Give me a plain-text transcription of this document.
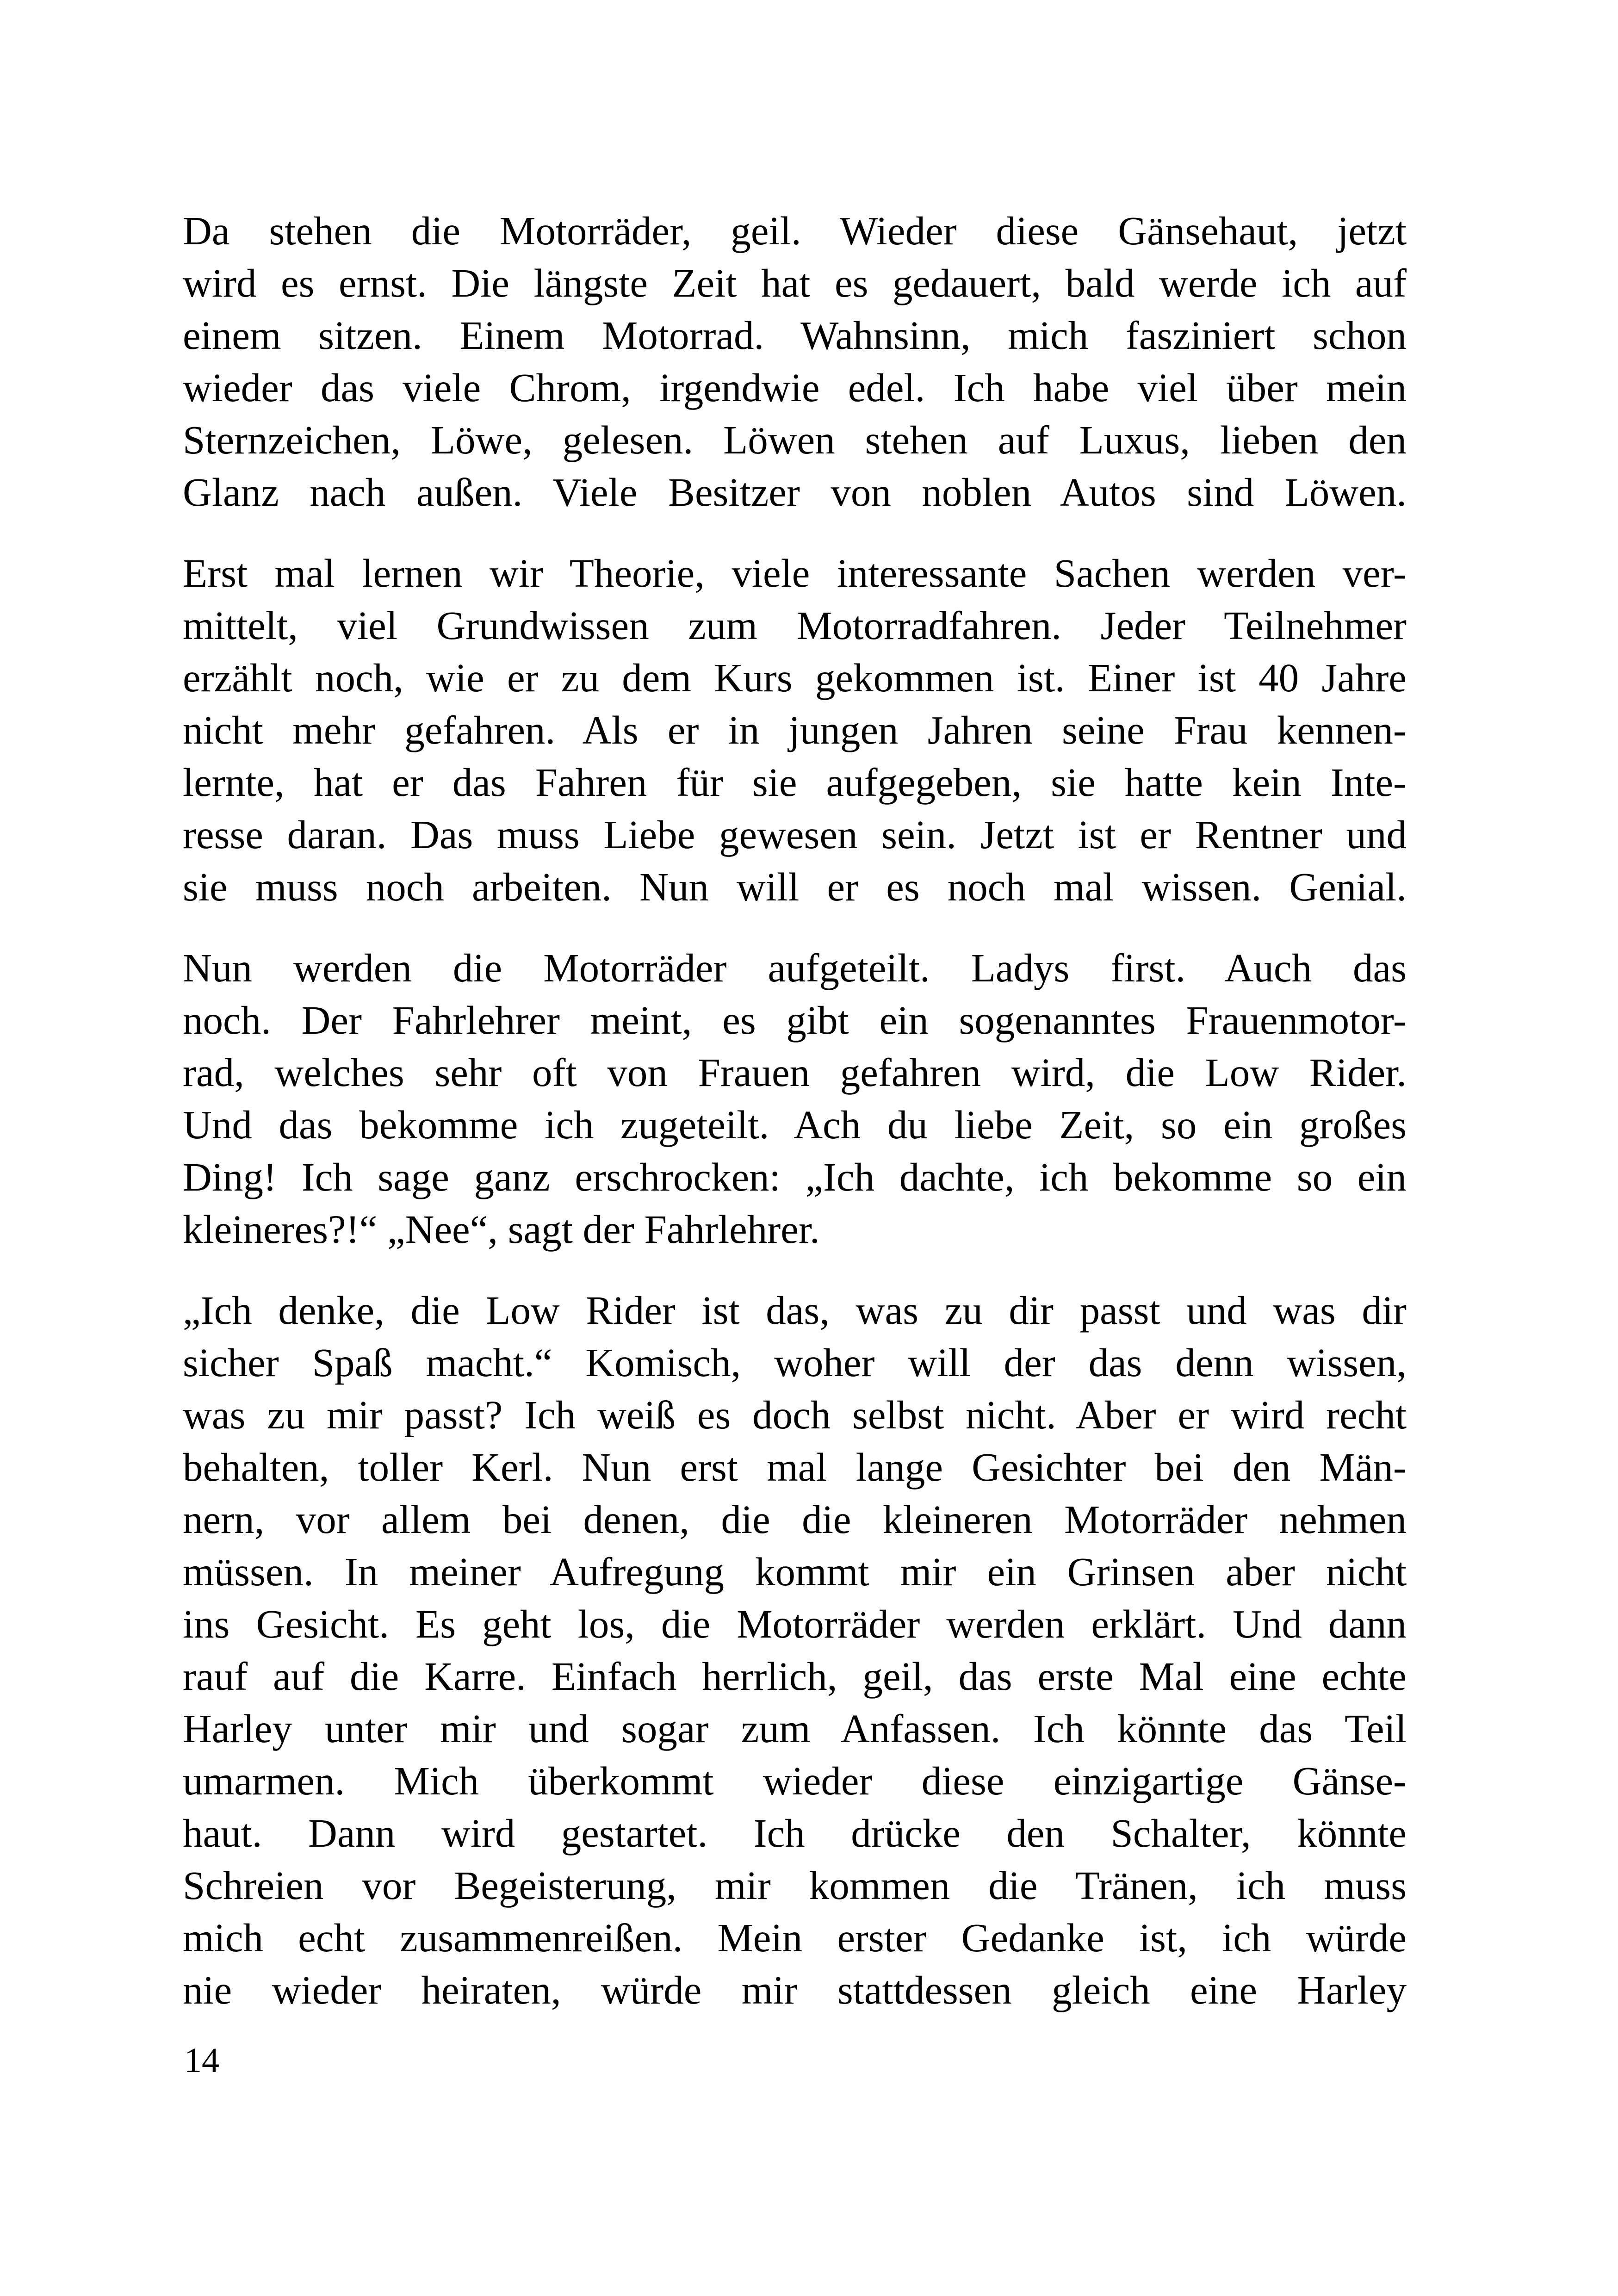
Da stehen die Motorräder, geil. Wieder diese Gänsehaut, jetzt
wird es ernst. Die längste Zeit hat es gedauert, bald werde ich auf
einem sitzen. Einem Motorrad. Wahnsinn, mich fasziniert schon
wieder das viele Chrom, irgendwie edel. Ich habe viel über mein
Sternzeichen, Löwe, gelesen. Löwen stehen auf Luxus, lieben den
Glanz nach außen. Viele Besitzer von noblen Autos sind Löwen.
Erst mal lernen wir Theorie, viele interessante Sachen werden ver-
mittelt, viel Grundwissen zum Motorradfahren. Jeder Teilnehmer
erzählt noch, wie er zu dem Kurs gekommen ist. Einer ist 40 Jahre
nicht mehr gefahren. Als er in jungen Jahren seine Frau kennen-
lernte, hat er das Fahren für sie aufgegeben, sie hatte kein Inte-
resse daran. Das muss Liebe gewesen sein. Jetzt ist er Rentner und
sie muss noch arbeiten. Nun will er es noch mal wissen. Genial.
Nun werden die Motorräder aufgeteilt. Ladys first. Auch das
noch. Der Fahrlehrer meint, es gibt ein sogenanntes Frauenmotor-
rad, welches sehr oft von Frauen gefahren wird, die Low Rider.
Und das bekomme ich zugeteilt. Ach du liebe Zeit, so ein großes
Ding! Ich sage ganz erschrocken: „Ich dachte, ich bekomme so ein
kleineres?!“ „Nee“, sagt der Fahrlehrer.
„Ich denke, die Low Rider ist das, was zu dir passt und was dir
sicher Spaß macht.“ Komisch, woher will der das denn wissen,
was zu mir passt? Ich weiß es doch selbst nicht. Aber er wird recht
behalten, toller Kerl. Nun erst mal lange Gesichter bei den Män-
nern, vor allem bei denen, die die kleineren Motorräder nehmen
müssen. In meiner Aufregung kommt mir ein Grinsen aber nicht
ins Gesicht. Es geht los, die Motorräder werden erklärt. Und dann
rauf auf die Karre. Einfach herrlich, geil, das erste Mal eine echte
Harley unter mir und sogar zum Anfassen. Ich könnte das Teil
umarmen. Mich überkommt wieder diese einzigartige Gänse-
haut. Dann wird gestartet. Ich drücke den Schalter, könnte
Schreien vor Begeisterung, mir kommen die Tränen, ich muss
mich echt zusammenreißen. Mein erster Gedanke ist, ich würde
nie wieder heiraten, würde mir stattdessen gleich eine Harley
14
